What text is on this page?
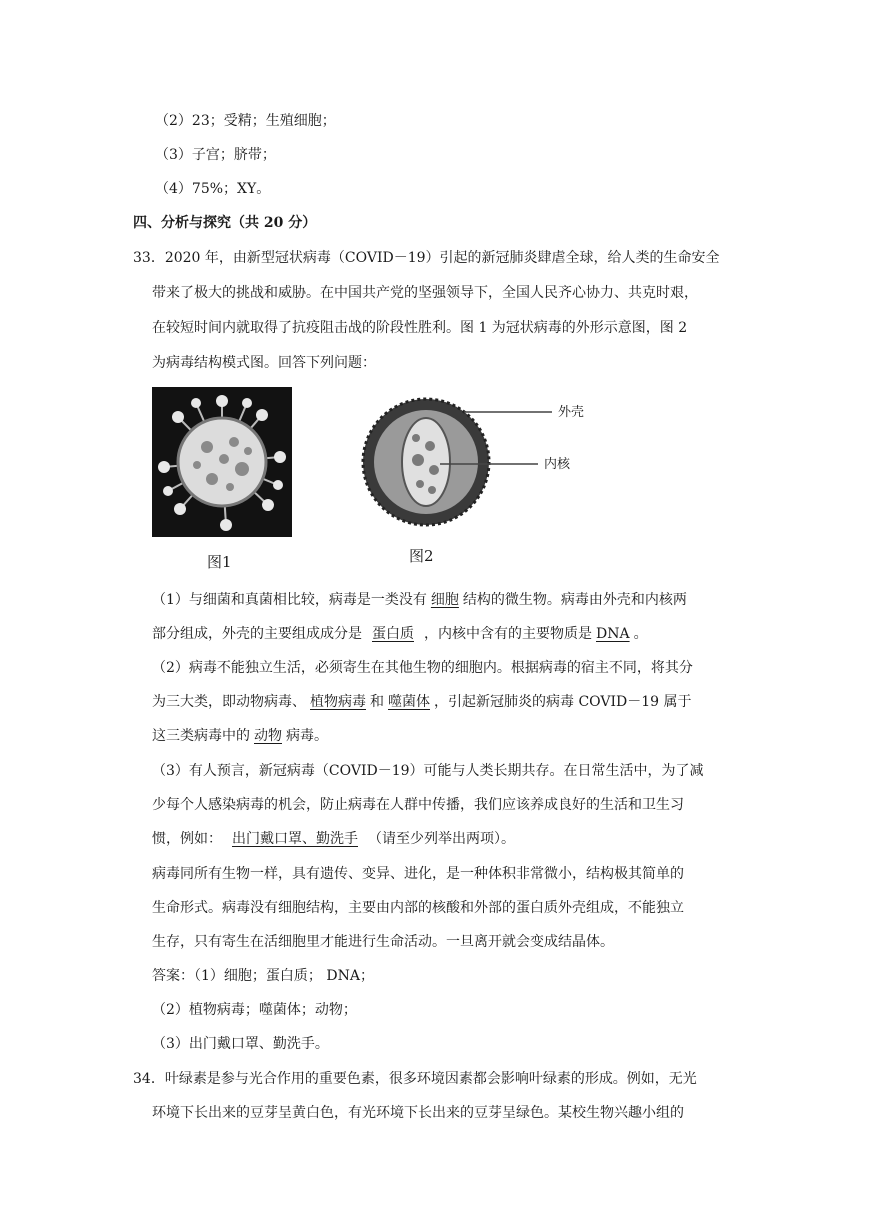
（2）23；受精；生殖细胞；
（3）子宫；脐带；
（4）75%；XY。
四、分析与探究（共 20 分）
33．2020 年，由新型冠状病毒（COVID－19）引起的新冠肺炎肆虐全球，给人类的生命安全
带来了极大的挑战和威胁。在中国共产党的坚强领导下，全国人民齐心协力、共克时艰，
在较短时间内就取得了抗疫阻击战的阶段性胜利。图 1 为冠状病毒的外形示意图，图 2
为病毒结构模式图。回答下列问题：
图1
外壳
内核
图2
（1）与细菌和真菌相比较，病毒是一类没有 细胞 结构的微生物。病毒由外壳和内核两
部分组成，外壳的主要组成成分是 蛋白质 ，内核中含有的主要物质是 DNA 。
（2）病毒不能独立生活，必须寄生在其他生物的细胞内。根据病毒的宿主不同，将其分
为三大类，即动物病毒、 植物病毒 和 噬菌体 ，引起新冠肺炎的病毒 COVID－19 属于
这三类病毒中的 动物 病毒。
（3）有人预言，新冠病毒（COVID－19）可能与人类长期共存。在日常生活中，为了减
少每个人感染病毒的机会，防止病毒在人群中传播，我们应该养成良好的生活和卫生习
惯，例如： 出门戴口罩、勤洗手 （请至少列举出两项）。
病毒同所有生物一样，具有遗传、变异、进化，是一种体积非常微小，结构极其简单的
生命形式。病毒没有细胞结构，主要由内部的核酸和外部的蛋白质外壳组成，不能独立
生存，只有寄生在活细胞里才能进行生命活动。一旦离开就会变成结晶体。
答案：（1）细胞；蛋白质； DNA；
（2）植物病毒；噬菌体；动物；
（3）出门戴口罩、勤洗手。
34．叶绿素是参与光合作用的重要色素，很多环境因素都会影响叶绿素的形成。例如，无光
环境下长出来的豆芽呈黄白色，有光环境下长出来的豆芽呈绿色。某校生物兴趣小组的
